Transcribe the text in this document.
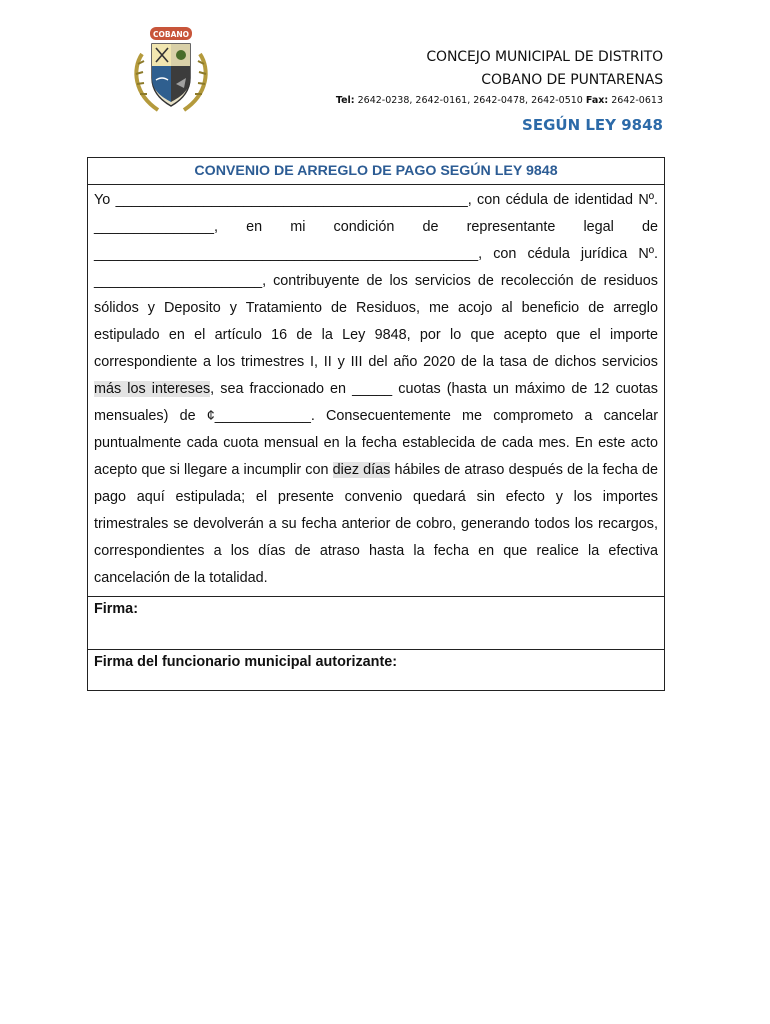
COBANO
CONCEJO MUNICIPAL DE DISTRITO
COBANO DE PUNTARENAS
Tel: 2642-0238, 2642-0161, 2642-0478, 2642-0510 Fax: 2642-0613
SEGÚN LEY 9848
CONVENIO DE ARREGLO DE PAGO SEGÚN LEY 9848
Yo ____________________________________________, con cédula de identidad Nº. _______________, en mi condición de representante legal de ________________________________________________, con cédula jurídica Nº. _____________________, contribuyente de los servicios de recolección de residuos sólidos y Deposito y Tratamiento de Residuos, me acojo al beneficio de arreglo estipulado en el artículo 16 de la Ley 9848, por lo que acepto que el importe correspondiente a los trimestres I, II y III del año 2020 de la tasa de dichos servicios más los intereses, sea fraccionado en _____ cuotas (hasta un máximo de 12 cuotas mensuales) de ¢____________. Consecuentemente me comprometo a cancelar puntualmente cada cuota mensual en la fecha establecida de cada mes. En este acto acepto que si llegare a incumplir con diez días hábiles de atraso después de la fecha de pago aquí estipulada; el presente convenio quedará sin efecto y los importes trimestrales se devolverán a su fecha anterior de cobro, generando todos los recargos, correspondientes a los días de atraso hasta la fecha en que realice la efectiva cancelación de la totalidad.
Firma:
Firma del funcionario municipal autorizante:
